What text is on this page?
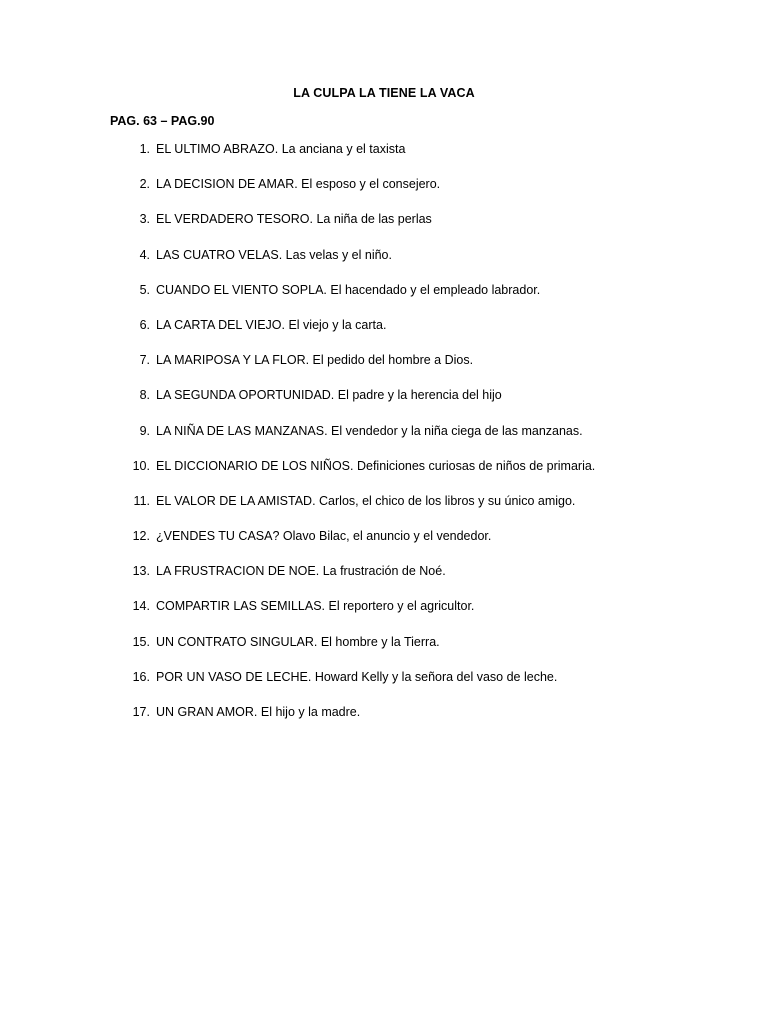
LA CULPA LA TIENE LA VACA
PAG. 63 – PAG.90
1. EL ULTIMO ABRAZO. La anciana y el taxista
2. LA DECISION DE AMAR. El esposo y el consejero.
3. EL VERDADERO TESORO. La niña de las perlas
4. LAS CUATRO VELAS. Las velas y el niño.
5. CUANDO EL VIENTO SOPLA. El hacendado y el empleado labrador.
6. LA CARTA DEL VIEJO. El viejo y la carta.
7. LA MARIPOSA Y LA FLOR. El pedido del hombre a Dios.
8. LA SEGUNDA OPORTUNIDAD. El padre y la herencia del hijo
9. LA NIÑA DE LAS MANZANAS. El vendedor y la niña ciega de las manzanas.
10. EL DICCIONARIO DE LOS NIÑOS. Definiciones curiosas de niños de primaria.
11. EL VALOR DE LA AMISTAD. Carlos, el chico de los libros y su único amigo.
12. ¿VENDES TU CASA? Olavo Bilac, el anuncio y el vendedor.
13. LA FRUSTRACION DE NOE. La frustración de Noé.
14. COMPARTIR LAS SEMILLAS. El reportero y el agricultor.
15. UN CONTRATO SINGULAR. El hombre y la Tierra.
16. POR UN VASO DE LECHE. Howard Kelly y la señora del vaso de leche.
17. UN GRAN AMOR. El hijo y la madre.
